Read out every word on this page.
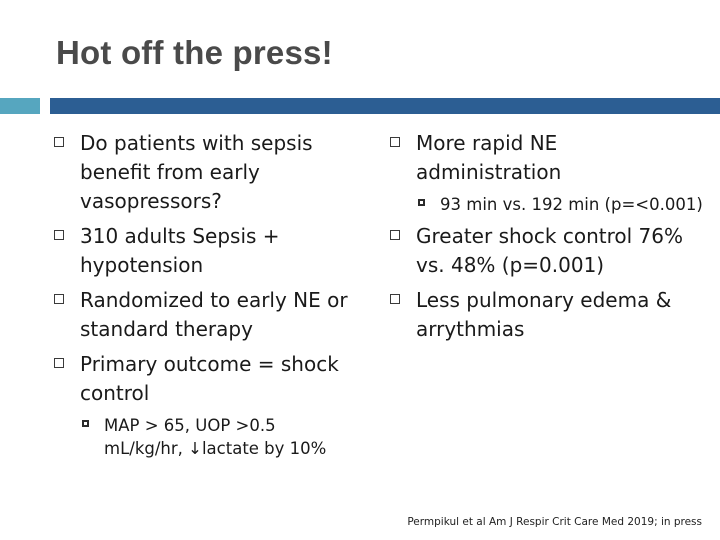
Hot off the press!
Do patients with sepsis benefit from early vasopressors?
310 adults Sepsis + hypotension
Randomized to early NE or standard therapy
Primary outcome = shock control
MAP > 65, UOP >0.5 mL/kg/hr, ↓lactate by 10%
More rapid NE administration
93 min vs. 192 min (p=<0.001)
Greater shock control 76% vs. 48% (p=0.001)
Less pulmonary edema & arrythmias
Permpikul et al Am J Respir Crit Care Med 2019; in press
